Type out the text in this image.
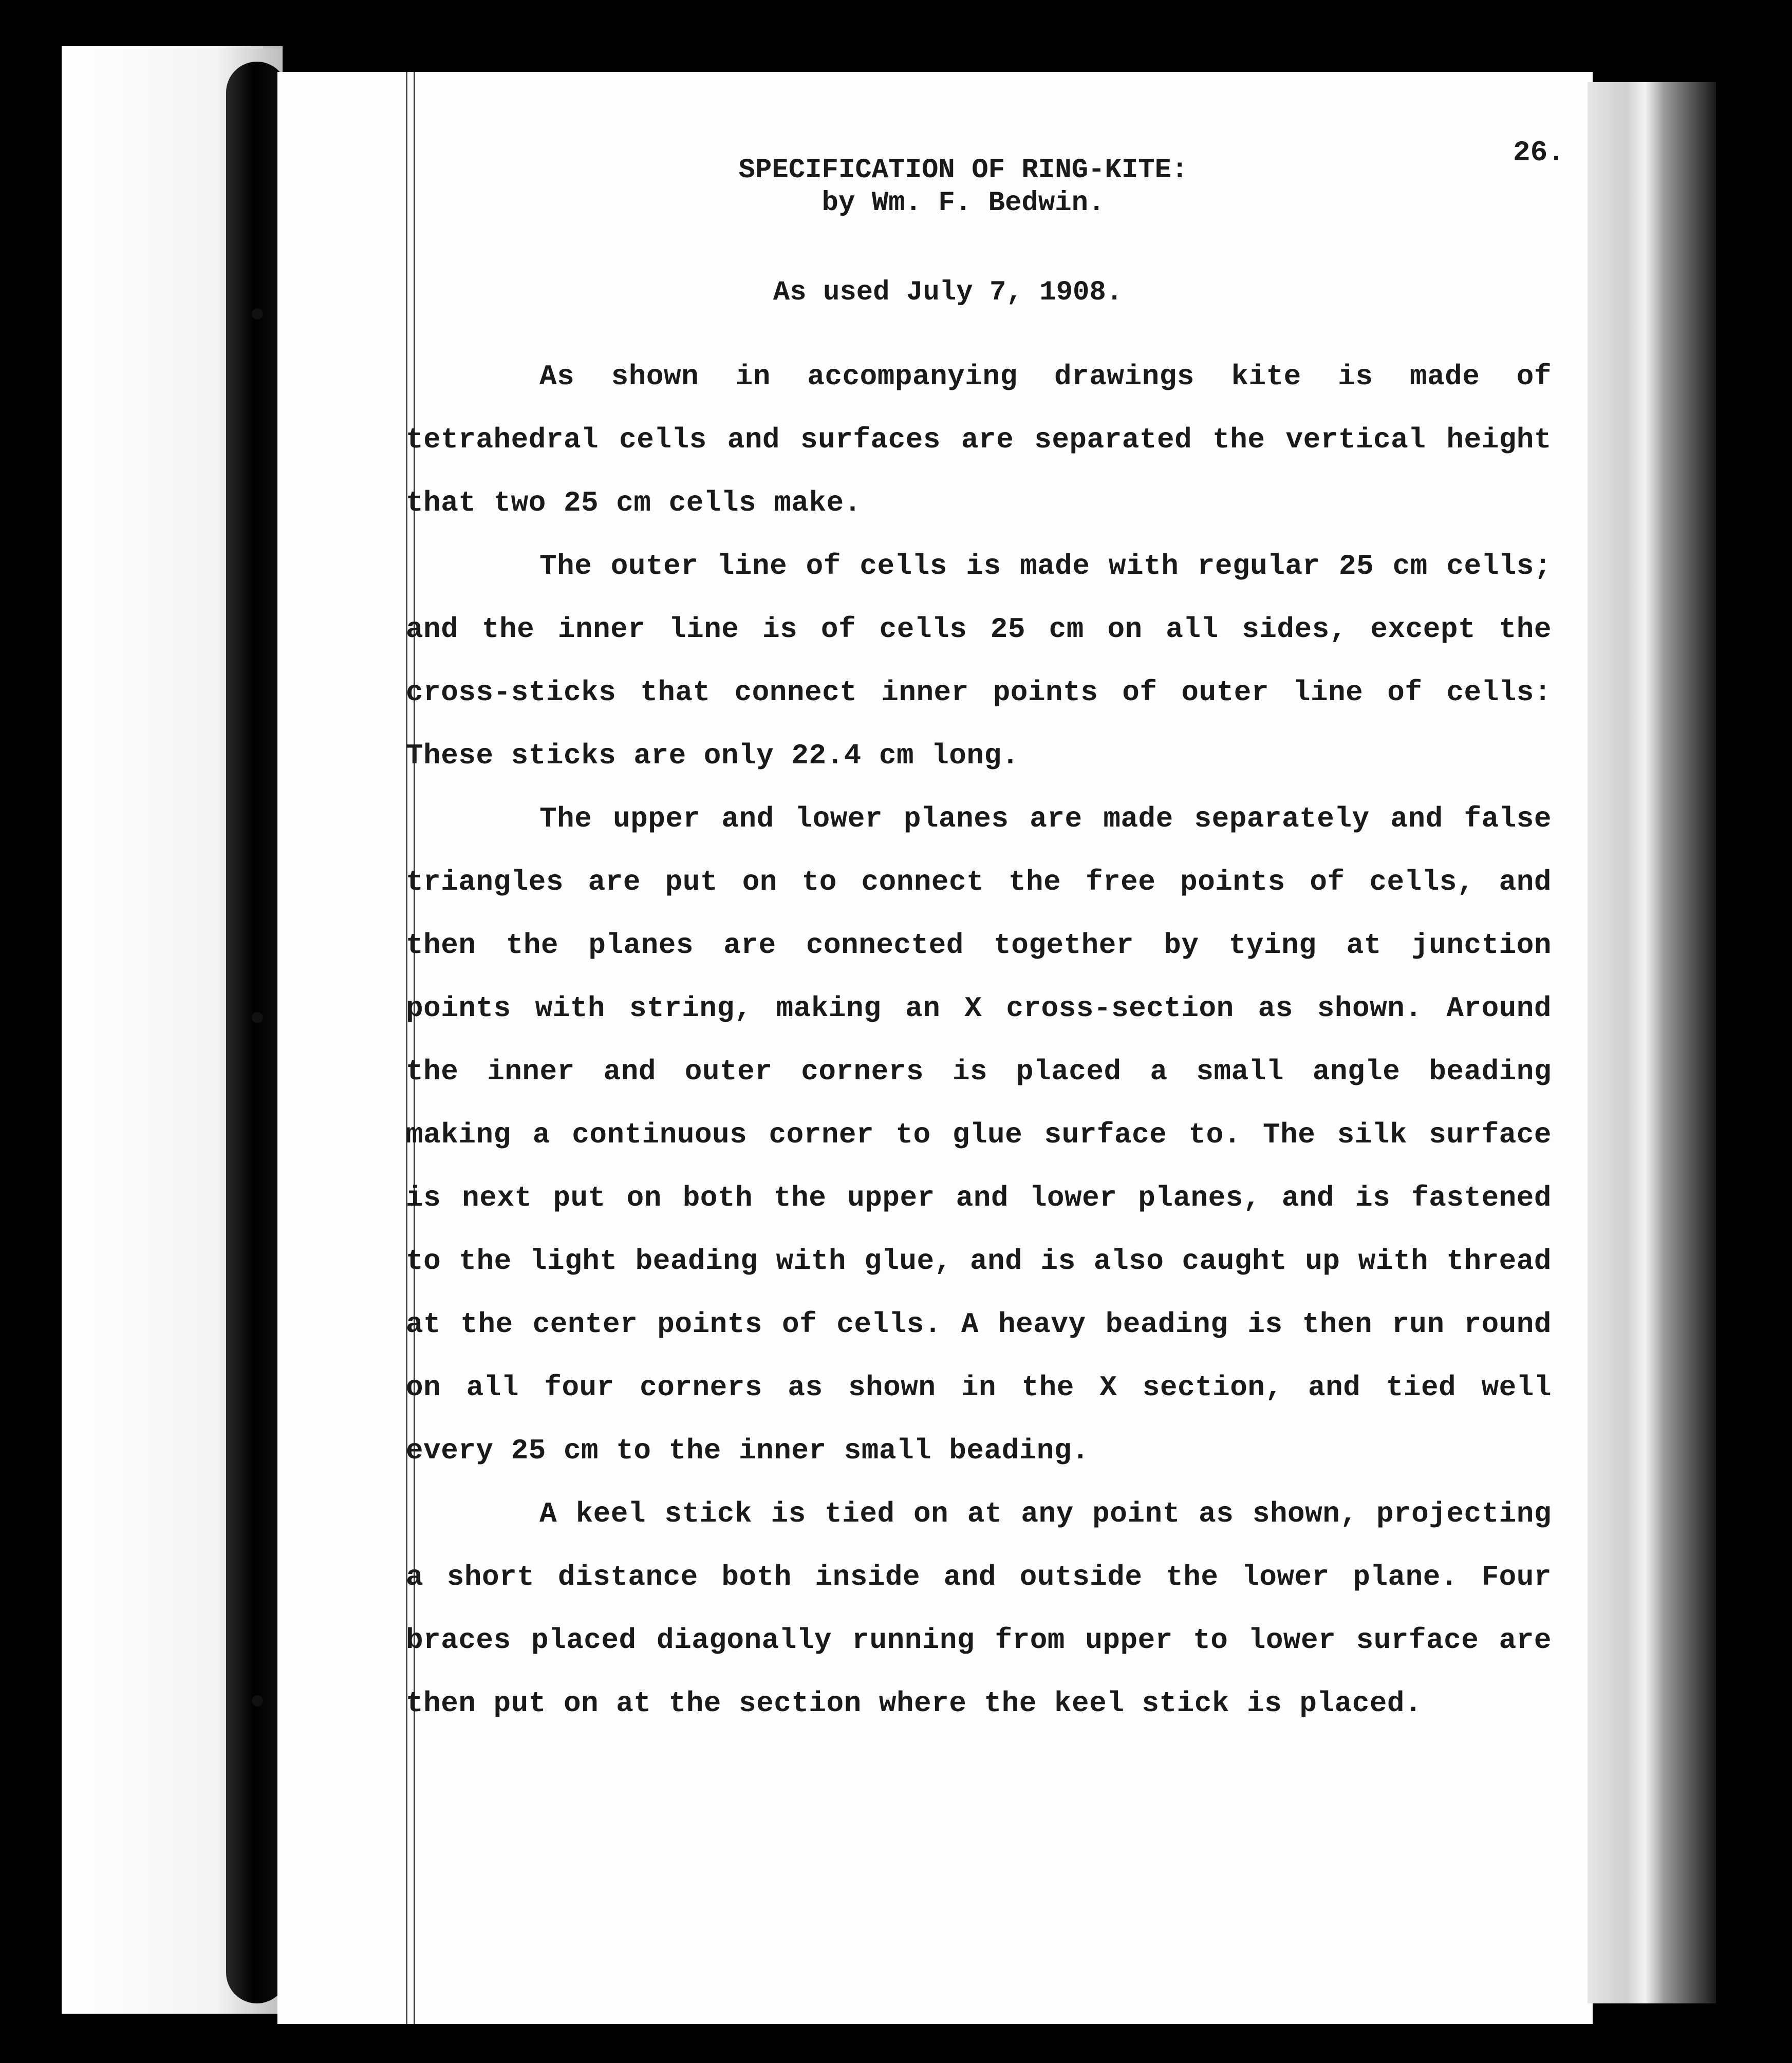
26.
SPECIFICATION OF RING-KITE:
by Wm. F. Bedwin.
As used July 7, 1908.

As shown in accompanying drawings kite is made of tetrahedral cells and surfaces are separated the vertical height that two 25 cm cells make.

The outer line of cells is made with regular 25 cm cells; and the inner line is of cells 25 cm on all sides, except the cross-sticks that connect inner points of outer line of cells: These sticks are only 22.4 cm long.

The upper and lower planes are made separately and false triangles are put on to connect the free points of cells, and then the planes are connected together by tying at junction points with string, making an X cross-section as shown. Around the inner and outer corners is placed a small angle beading making a continuous corner to glue surface to. The silk surface is next put on both the upper and lower planes, and is fastened to the light beading with glue, and is also caught up with thread at the center points of cells. A heavy beading is then run round on all four corners as shown in the X section, and tied well every 25 cm to the inner small beading.

A keel stick is tied on at any point as shown, projecting a short distance both inside and outside the lower plane. Four braces placed diagonally running from upper to lower surface are then put on at the section where the keel stick is placed.
